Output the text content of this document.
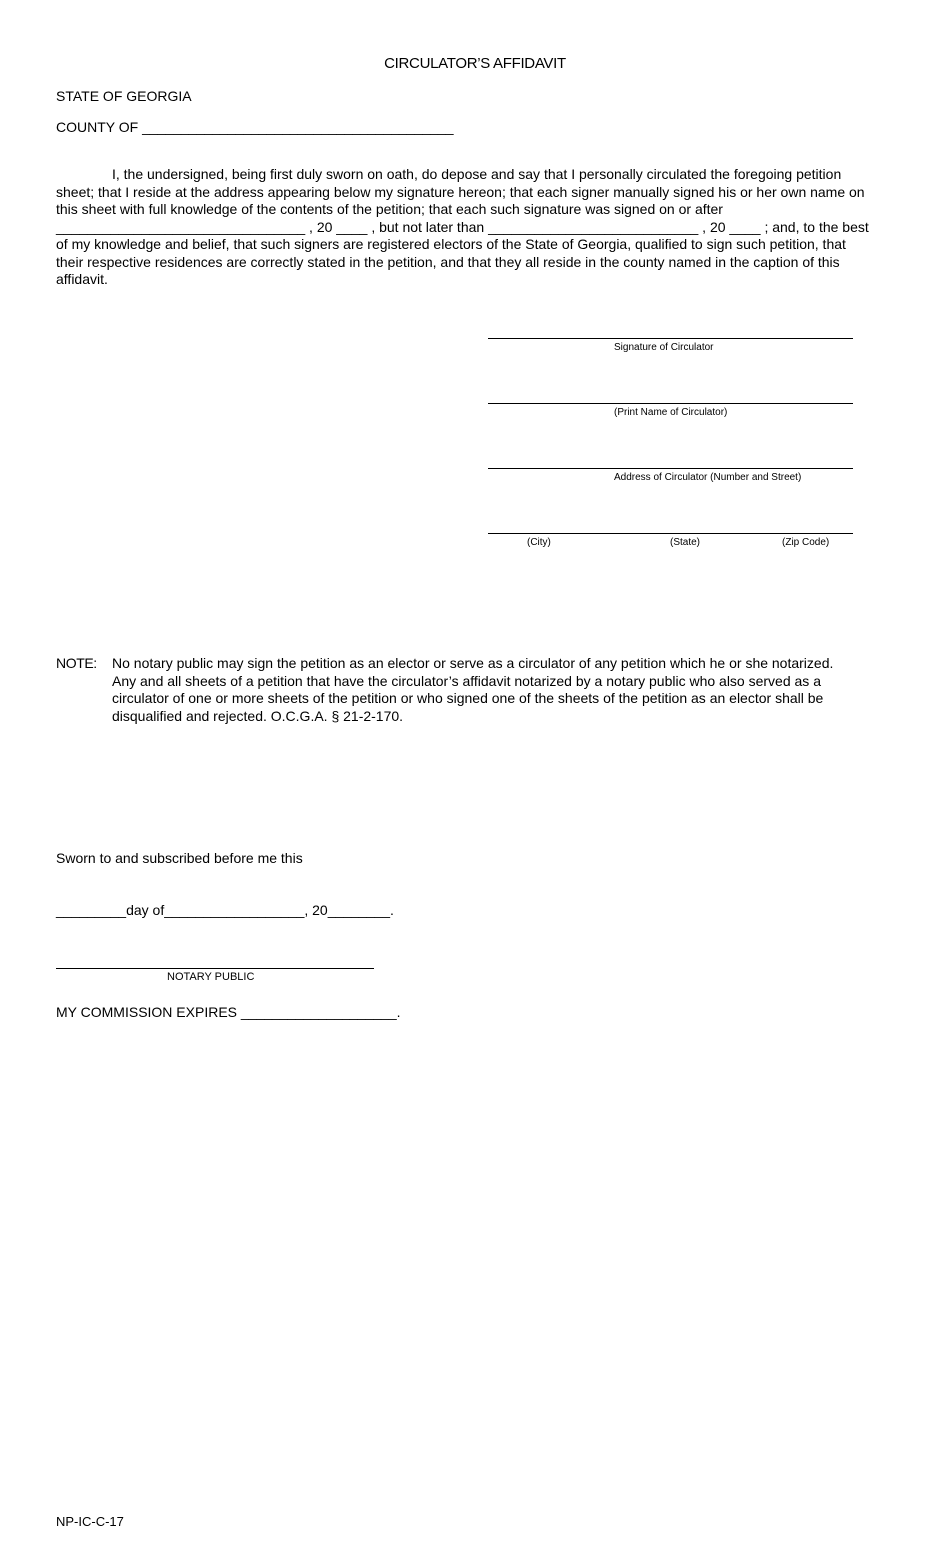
CIRCULATOR’S AFFIDAVIT
STATE OF GEORGIA
COUNTY OF ________________________________________
I, the undersigned, being first duly sworn on oath, do depose and say that I personally circulated the foregoing petition sheet; that I reside at the address appearing below my signature hereon; that each signer manually signed his or her own name on this sheet with full knowledge of the contents of the petition; that each such signature was signed on or after ________________________________ , 20 ____ , but not later than ___________________________ , 20 ____ ; and, to the best of my knowledge and belief, that such signers are registered electors of the State of Georgia, qualified to sign such petition, that their respective residences are correctly stated in the petition, and that they all reside in the county named in the caption of this affidavit.
Signature of Circulator
(Print Name of Circulator)
Address of Circulator (Number and Street)
(City)	(State)	(Zip Code)
NOTE: No notary public may sign the petition as an elector or serve as a circulator of any petition which he or she notarized. Any and all sheets of a petition that have the circulator’s affidavit notarized by a notary public who also served as a circulator of one or more sheets of the petition or who signed one of the sheets of the petition as an elector shall be disqualified and rejected. O.C.G.A. § 21-2-170.
Sworn to and subscribed before me this
_________day of__________________, 20________.
NOTARY PUBLIC
MY COMMISSION EXPIRES ____________________.
NP-IC-C-17
